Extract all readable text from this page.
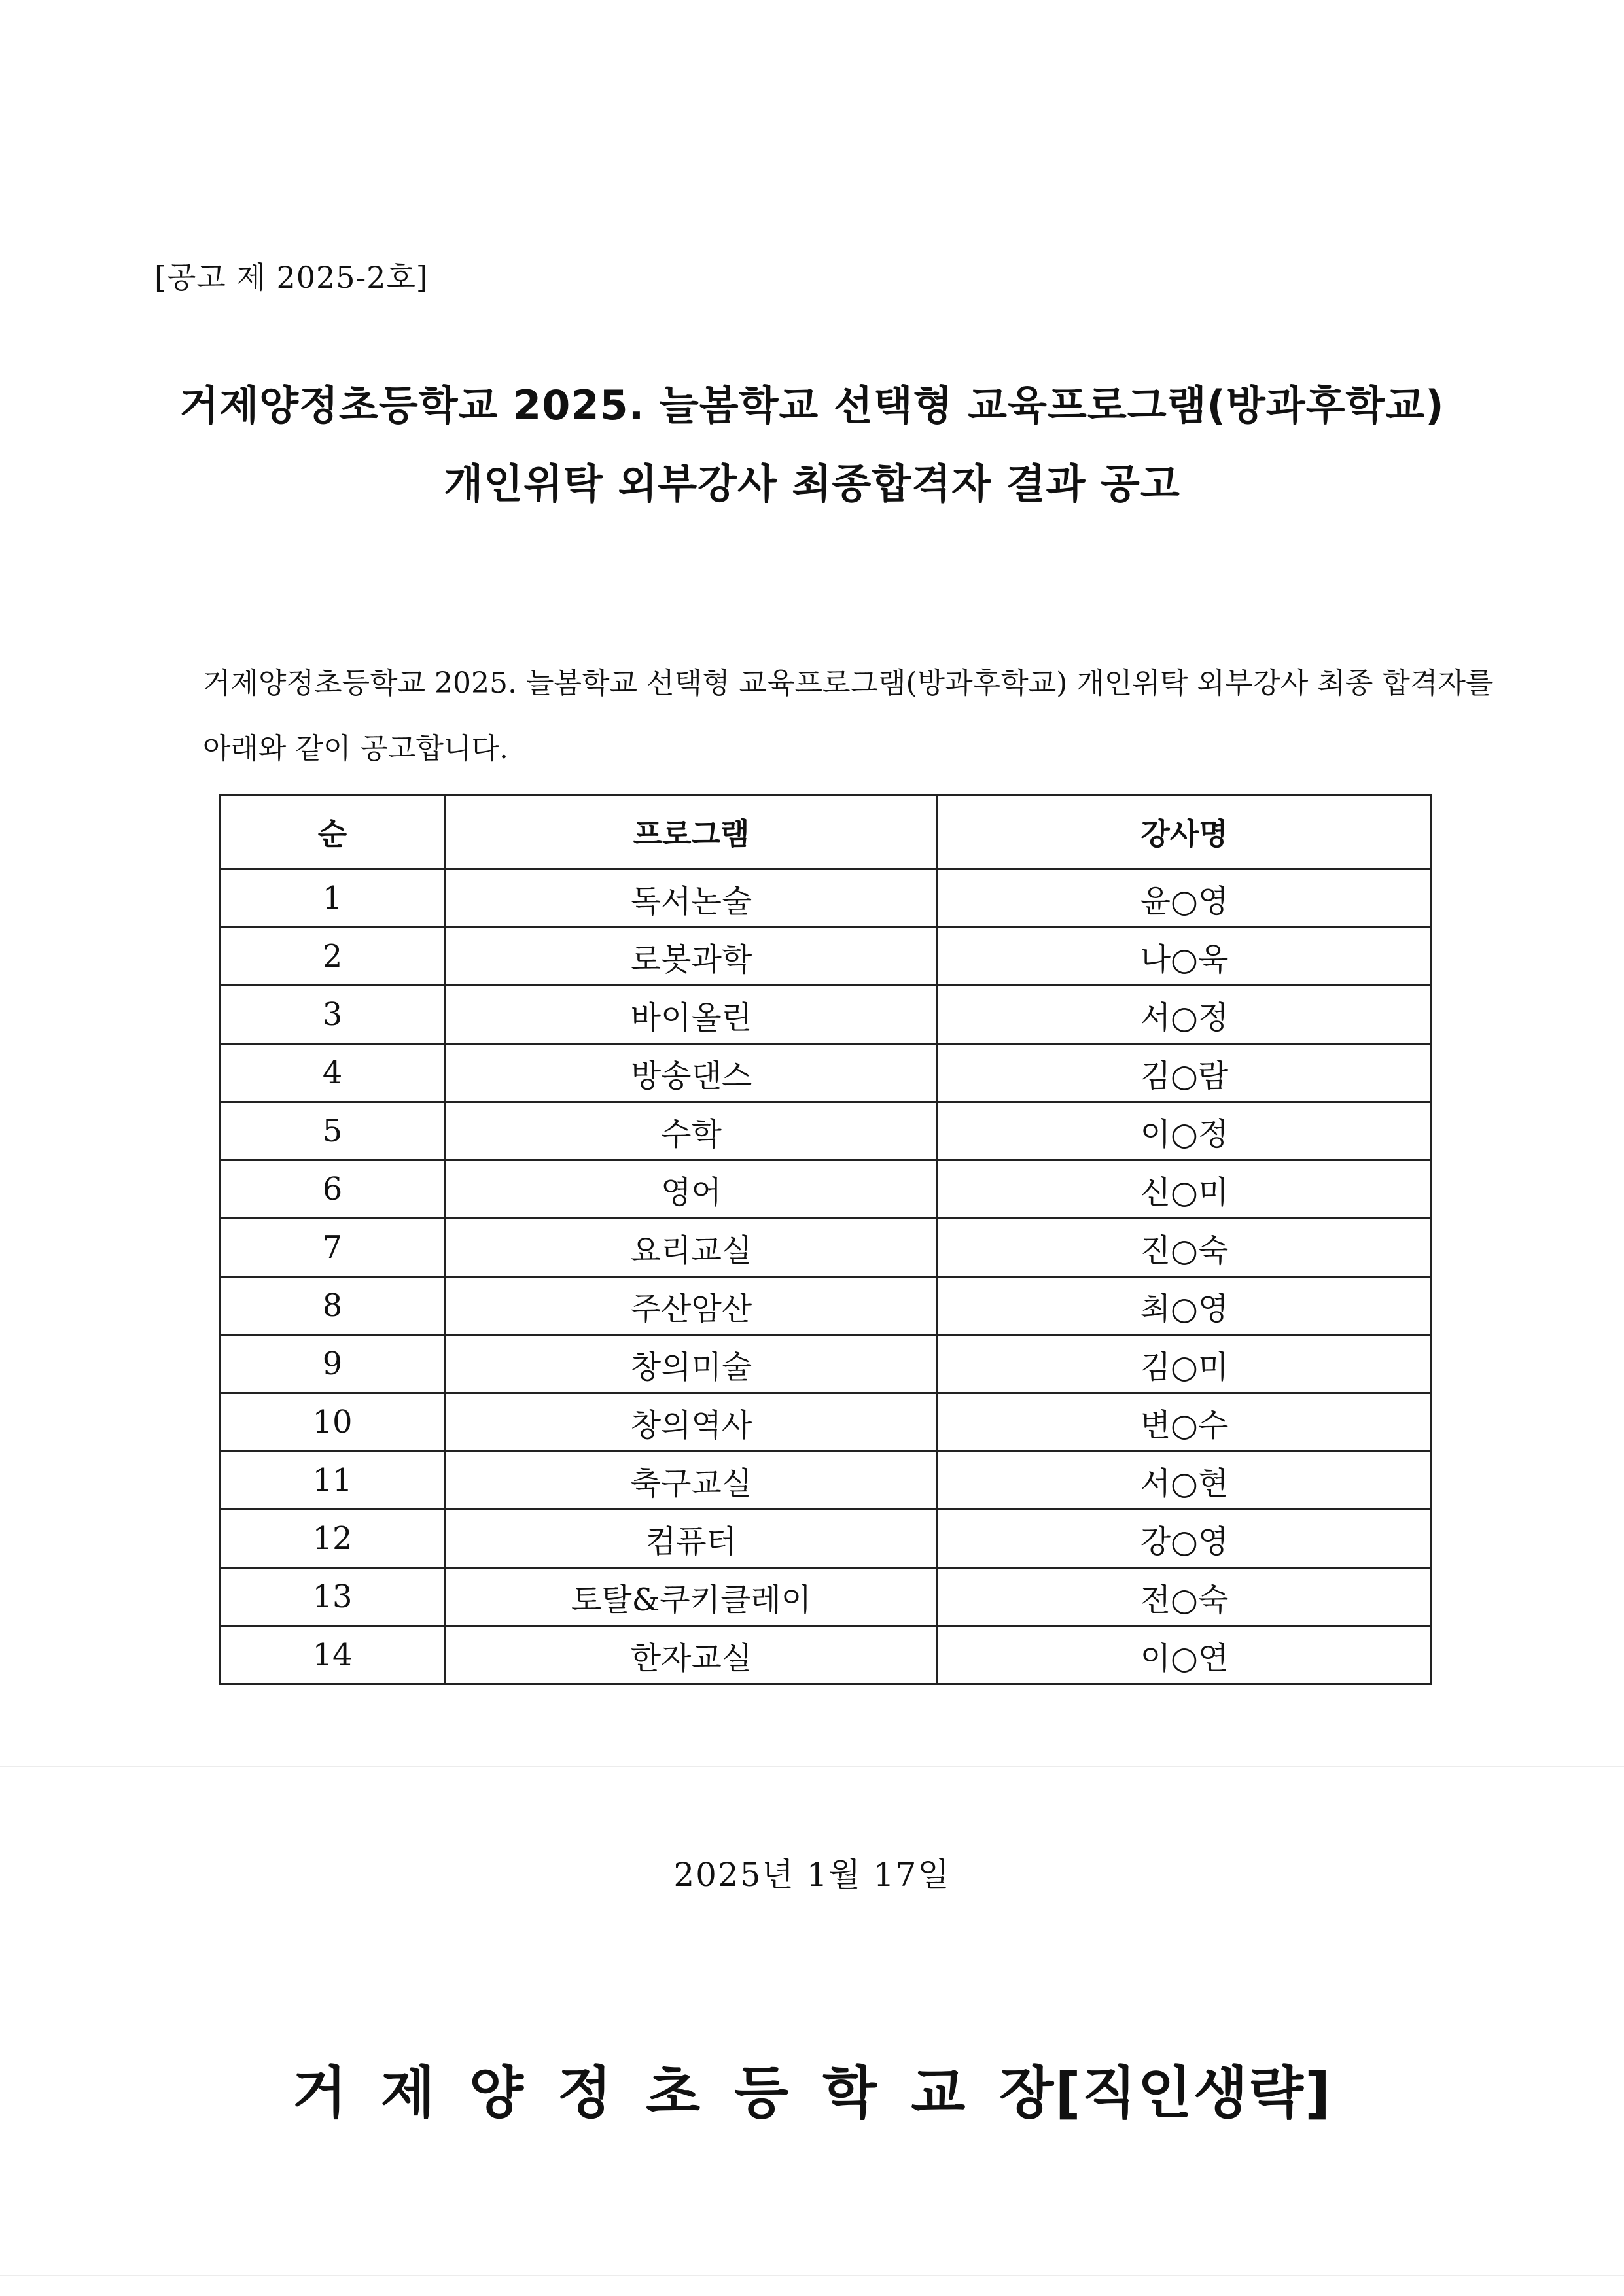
[공고 제 2025-2호]
거제양정초등학교 2025. 늘봄학교 선택형 교육프로그램(방과후학교)
개인위탁 외부강사 최종합격자 결과 공고
거제양정초등학교 2025. 늘봄학교 선택형 교육프로그램(방과후학교) 개인위탁 외부강사 최종 합격자를
아래와 같이 공고합니다.
순	프로그램	강사명
1	독서논술	윤○영
2	로봇과학	나○욱
3	바이올린	서○정
4	방송댄스	김○람
5	수학	이○정
6	영어	신○미
7	요리교실	진○숙
8	주산암산	최○영
9	창의미술	김○미
10	창의역사	변○수
11	축구교실	서○현
12	컴퓨터	강○영
13	토탈&쿠키클레이	전○숙
14	한자교실	이○연
2025년 1월 17일
거제양정초등학교장[직인생략]
